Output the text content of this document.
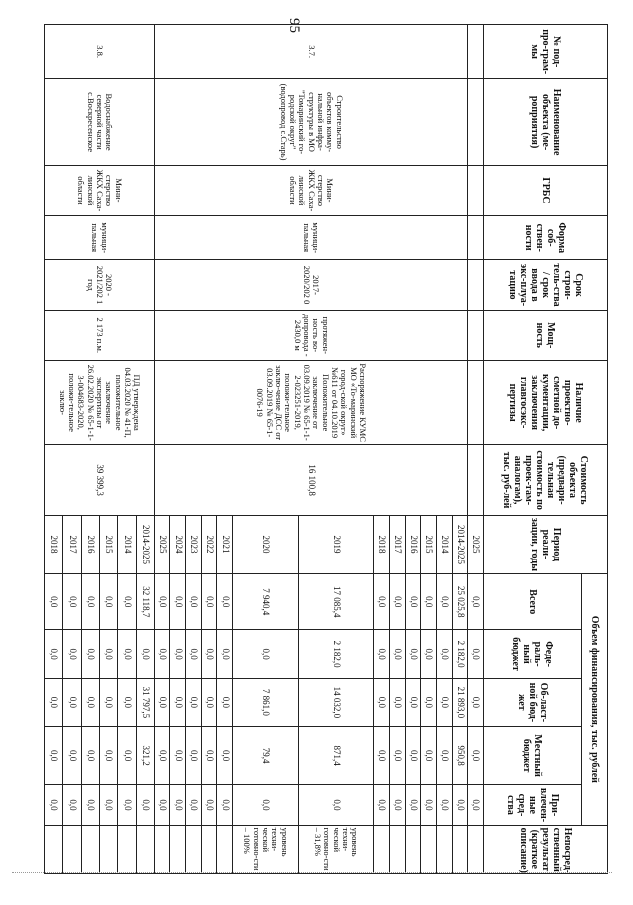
95
№ под-про-грам-мы	Наименование объекта (ме-роприятия)	ГРБС	Форма соб-ствен-ности	Срок стрoи-тель-ства / срок ввода в экс-плуа-тацию	Мощ-ность	Наличие проектно-сметной до-кументации, заключения главгосэкс-пертизы	Стоимость объекта (предвари-тельная стоимость по проек-там-аналогам), тыс. руб-лей	Период реали-зации, годы	Объем финансирования, тыс. рублей					Непосред-ственный результат (краткое описание)
									Всего	Феде-раль-ный бюджет	Об-ласт-ной бюд-жет	Местный бюджет	При-влечен-ные сред-ства	
								2025	0,0	0,0	0,0	0,0	0,0	
3.7.	Строительство объектов комму-нальной инфра-структуры в МО "Томаринский го-родской округ" (водопровод с.Старь)	Мини-стерство ЖКХ Саха-линской области	муници-пальная	2017-2020/202 0	протяжен-ность во-допровода - 2430,0 м	Распоряжение КУМС МО «То-маринский город-ской округ» №611 от 04.10.2019 Положительное заключение от 03.09.2019 № 65-1-1-2-023251-2019, положи-тельное заклю-чение ДСС от 03.09.2019 № 65-1-0076-19	16 100,8	2014-2025	25 025,8	2 182,0	21 893,0	950,8	0,0	
								2014	0,0	0,0	0,0	0,0	0,0	
								2015	0,0	0,0	0,0	0,0	0,0	
								2016	0,0	0,0	0,0	0,0	0,0	
								2017	0,0	0,0	0,0	0,0	0,0	
								2018	0,0	0,0	0,0	0,0	0,0	
								2019	17 085,4	2 182,0	14 032,0	871,4	0,0	уровень техни-ческой готовно-сти – 31,8%
								2020	7 940,4	0,0	7 861,0	79,4	0,0	уровень техни-ческой готовно-сти – 100%
								2021	0,0	0,0	0,0	0,0	0,0	
								2022	0,0	0,0	0,0	0,0	0,0	
								2023	0,0	0,0	0,0	0,0	0,0	
								2024	0,0	0,0	0,0	0,0	0,0	
								2025	0,0	0,0	0,0	0,0	0,0	
3.8.	Водоснабжение северной части с.Воскресенское	Мини-стерство ЖКХ Саха-линской области	муници-пальная	2020 - 2021/202 1 год	2 173 п.м.	ПД утверждена 04.03.2020 № 41-П, положительное заключение экспертизы от 26.02.2020 № 65-1-1-3-004683-2020, положи-тельное заклю-	39 399,3	2014-2025	32 118,7	0,0	31 797,5	321,2	0,0	
								2014	0,0	0,0	0,0	0,0	0,0	
								2015	0,0	0,0	0,0	0,0	0,0	
								2016	0,0	0,0	0,0	0,0	0,0	
								2017	0,0	0,0	0,0	0,0	0,0	
								2018	0,0	0,0	0,0	0,0	0,0	
